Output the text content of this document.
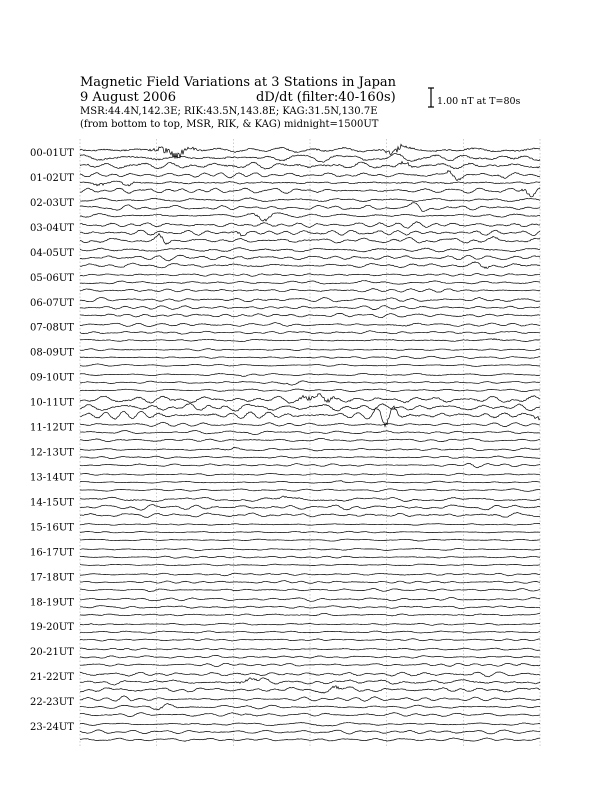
Magnetic Field Variations at 3 Stations in Japan
9 August 2006	dD/dt (filter:40-160s)
MSR:44.4N,142.3E; RIK:43.5N,143.8E; KAG:31.5N,130.7E
(from bottom to top, MSR, RIK, & KAG) midnight=1500UT
1.00 nT at T=80s
00-01UT
01-02UT
02-03UT
03-04UT
04-05UT
05-06UT
06-07UT
07-08UT
08-09UT
09-10UT
10-11UT
11-12UT
12-13UT
13-14UT
14-15UT
15-16UT
16-17UT
17-18UT
18-19UT
19-20UT
20-21UT
21-22UT
22-23UT
23-24UT
